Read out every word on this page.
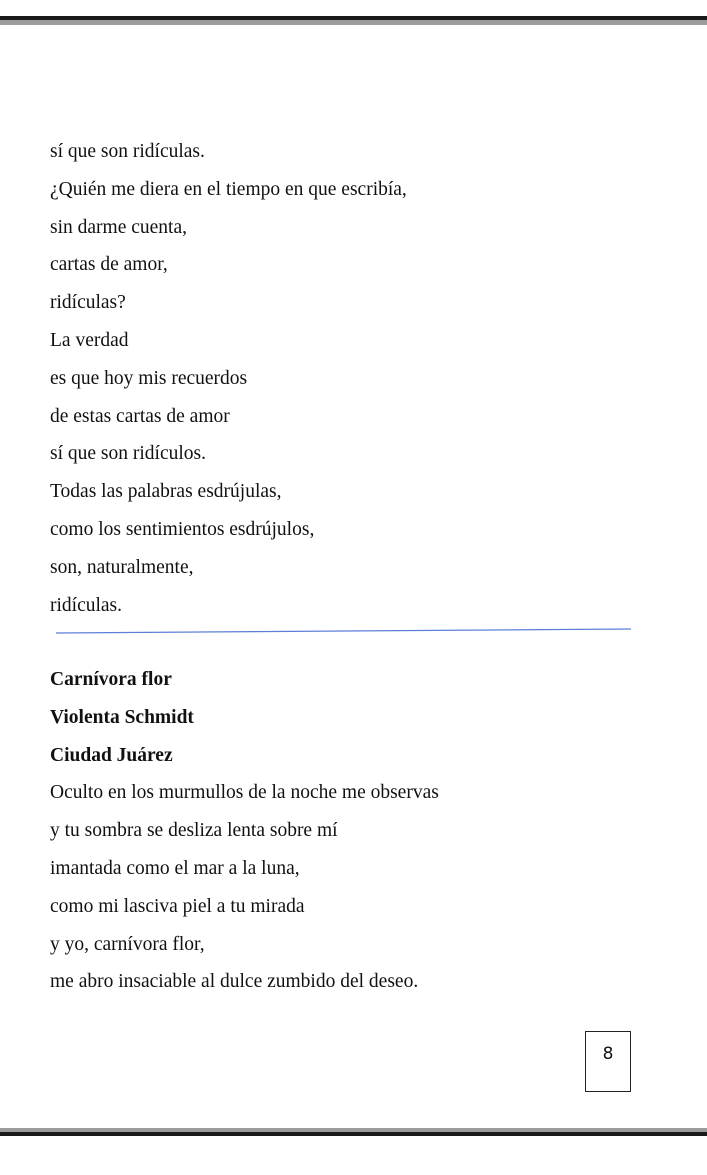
sí que son ridículas.
¿Quién me diera en el tiempo en que escribía,
sin darme cuenta,
cartas de amor,
ridículas?
La verdad
es que hoy mis recuerdos
de estas cartas de amor
sí que son ridículos.
Todas las palabras esdrújulas,
como los sentimientos esdrújulos,
son, naturalmente,
ridículas.
Carnívora flor
Violenta Schmidt
Ciudad Juárez
Oculto en los murmullos de la noche me observas
y tu sombra se desliza lenta sobre mí
imantada como el mar a la luna,
como mi lasciva piel a tu mirada
y yo, carnívora flor,
me abro insaciable al dulce zumbido del deseo.
8
